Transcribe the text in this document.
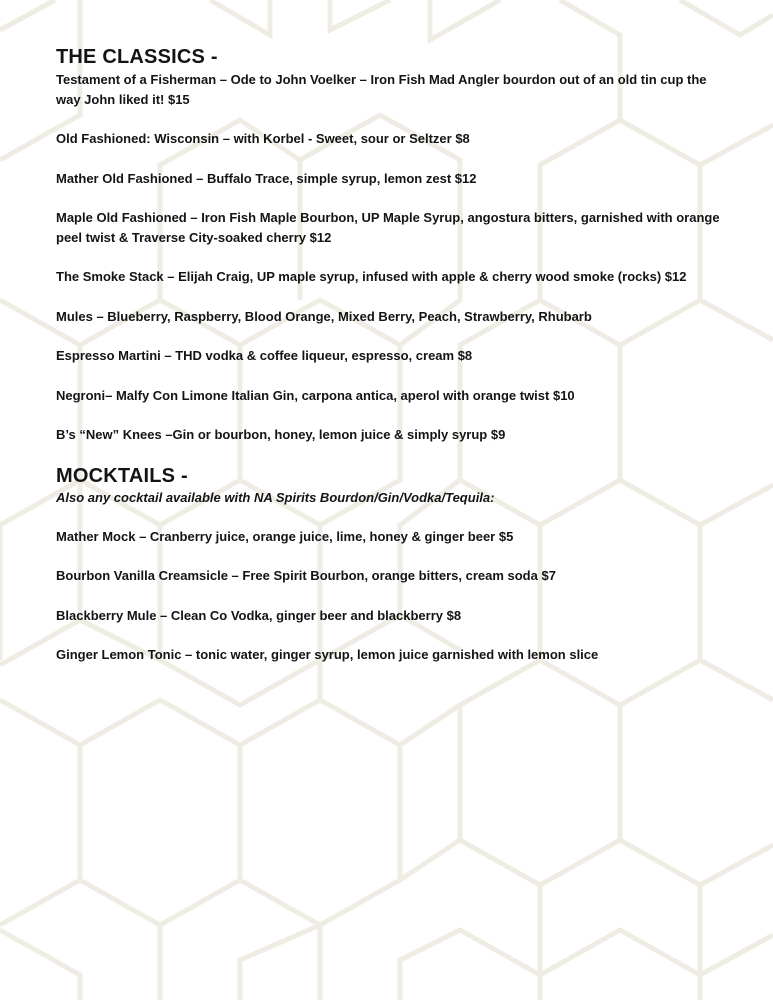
THE CLASSICS -

Testament of a Fisherman – Ode to John Voelker – Iron Fish Mad Angler bourdon out of an old tin cup the way John liked it! $15

Old Fashioned: Wisconsin – with Korbel - Sweet, sour or Seltzer $8

Mather Old Fashioned – Buffalo Trace, simple syrup, lemon zest $12

Maple Old Fashioned – Iron Fish Maple Bourbon, UP Maple Syrup, angostura bitters, garnished with orange peel twist & Traverse City-soaked cherry $12

The Smoke Stack – Elijah Craig, UP maple syrup, infused with apple & cherry wood smoke (rocks) $12

Mules – Blueberry, Raspberry, Blood Orange, Mixed Berry, Peach, Strawberry, Rhubarb

Espresso Martini – THD vodka & coffee liqueur, espresso, cream $8

Negroni– Malfy Con Limone Italian Gin, carpona antica, aperol with orange twist $10

B’s “New” Knees –Gin or bourbon, honey, lemon juice & simply syrup $9

MOCKTAILS -

Also any cocktail available with NA Spirits Bourdon/Gin/Vodka/Tequila:

Mather Mock – Cranberry juice, orange juice, lime, honey & ginger beer $5

Bourbon Vanilla Creamsicle – Free Spirit Bourbon, orange bitters, cream soda $7

Blackberry Mule – Clean Co Vodka, ginger beer and blackberry $8

Ginger Lemon Tonic – tonic water, ginger syrup, lemon juice garnished with lemon slice
